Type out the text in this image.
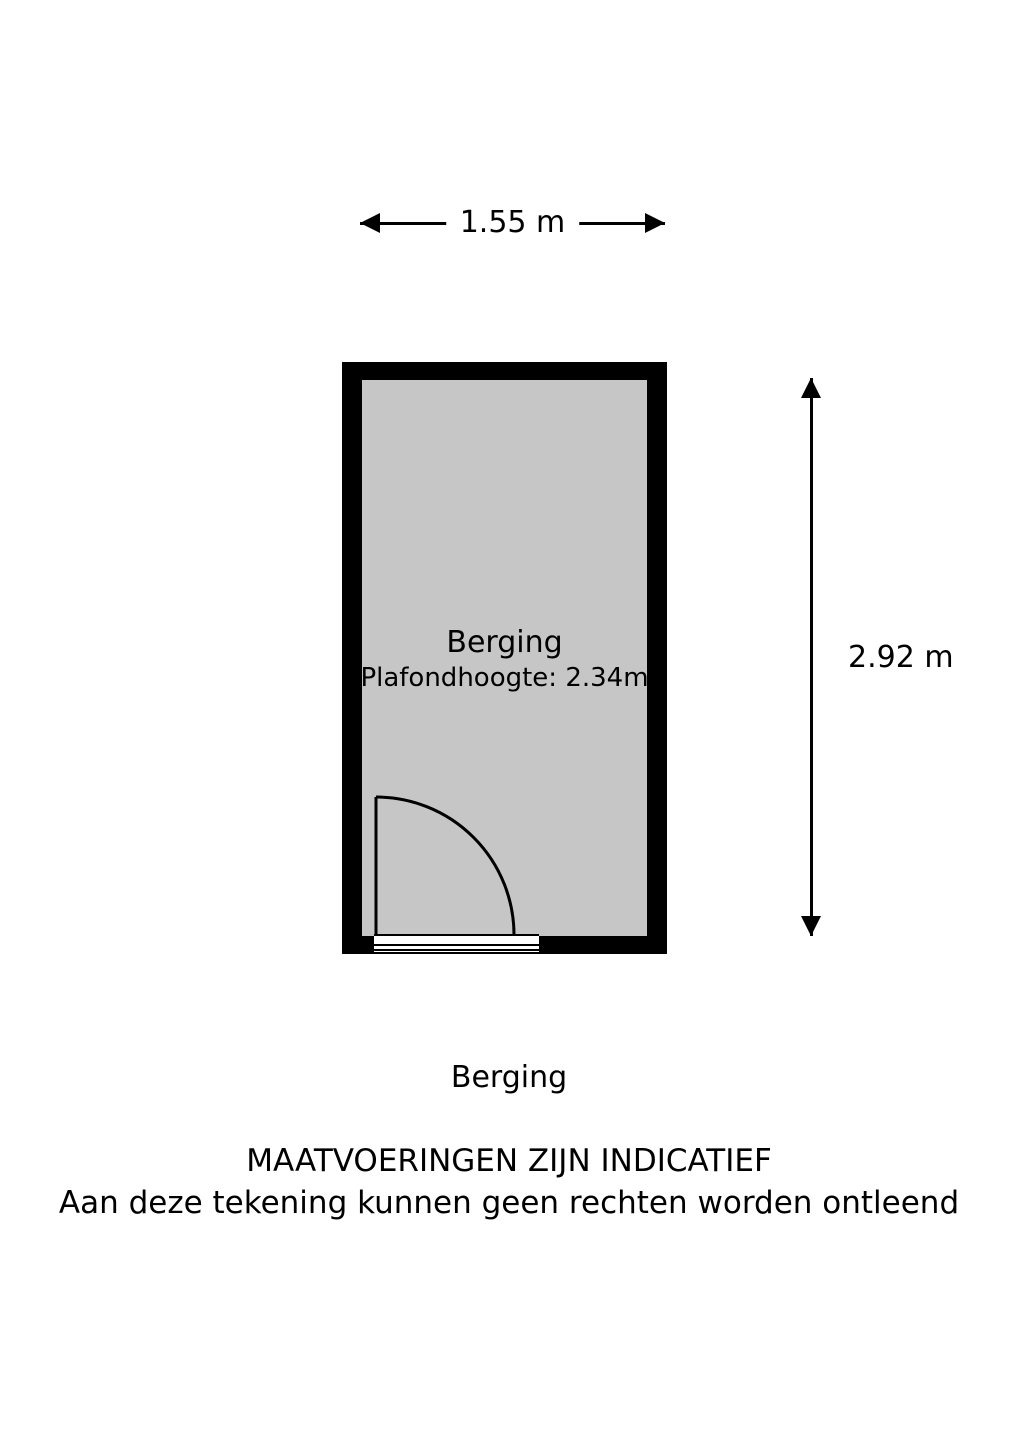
1.55 m
2.92 m
Berging
Plafondhoogte: 2.34m
Berging
MAATVOERINGEN ZIJN INDICATIEF
Aan deze tekening kunnen geen rechten worden ontleend
